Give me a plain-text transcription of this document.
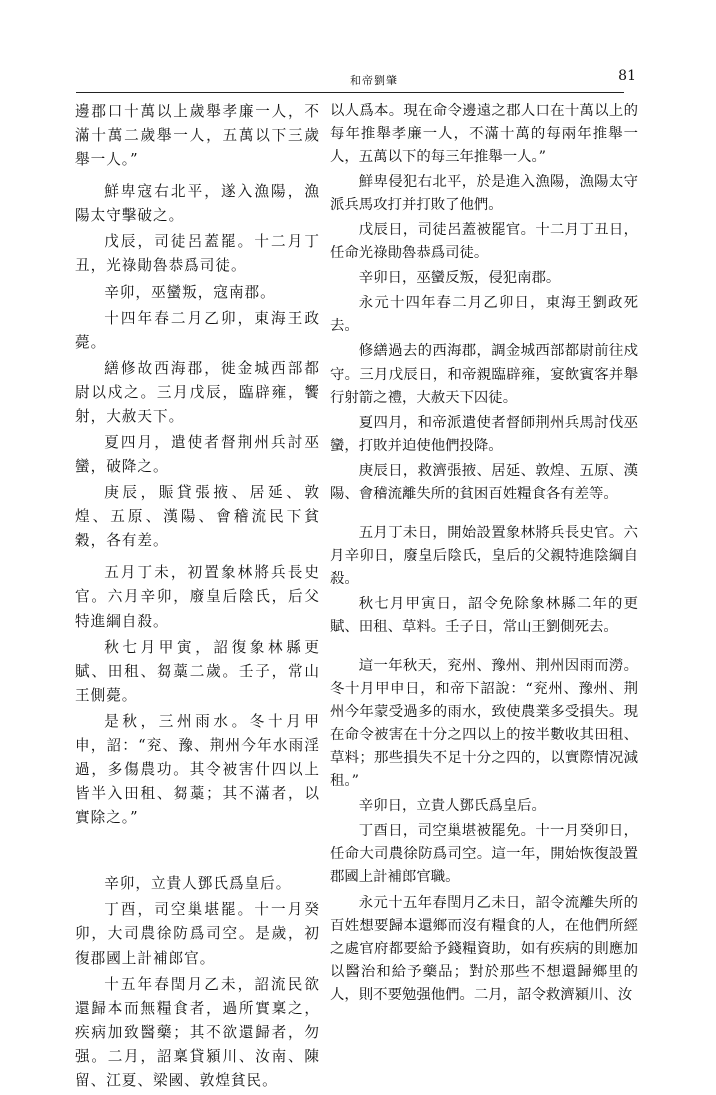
和帝劉肇	81

邊郡口十萬以上歲舉孝廉一人，不滿十萬二歲舉一人，五萬以下三歲舉一人。”

鮮卑寇右北平，遂入漁陽，漁陽太守擊破之。

戊辰，司徒呂蓋罷。十二月丁丑，光祿勛魯恭爲司徒。

辛卯，巫蠻叛，寇南郡。

十四年春二月乙卯，東海王政薨。

繕修故西海郡，徙金城西部都尉以戍之。三月戊辰，臨辟雍，饗射，大赦天下。

夏四月，遣使者督荆州兵討巫蠻，破降之。

庚辰，賑貸張掖、居延、敦煌、五原、漢陽、會稽流民下貧穀，各有差。

五月丁未，初置象林將兵長史官。六月辛卯，廢皇后陰氏，后父特進綱自殺。

秋七月甲寅，詔復象林縣更賦、田租、芻藁二歲。壬子，常山王側薨。

是秋，三州雨水。冬十月甲申，詔：“兖、豫、荆州今年水雨淫過，多傷農功。其令被害什四以上皆半入田租、芻藁；其不滿者，以實除之。”

辛卯，立貴人鄧氏爲皇后。

丁酉，司空巢堪罷。十一月癸卯，大司農徐防爲司空。是歲，初復郡國上計補郎官。

十五年春閏月乙未，詔流民欲還歸本而無糧食者，過所實稟之，疾病加致醫藥；其不欲還歸者，勿强。二月，詔稟貸潁川、汝南、陳留、江夏、梁國、敦煌貧民。

以人爲本。現在命令邊遠之郡人口在十萬以上的每年推舉孝廉一人，不滿十萬的每兩年推舉一人，五萬以下的每三年推舉一人。”

鮮卑侵犯右北平，於是進入漁陽，漁陽太守派兵馬攻打并打敗了他們。

戊辰日，司徒呂蓋被罷官。十二月丁丑日，任命光祿勛魯恭爲司徒。

辛卯日，巫蠻反叛，侵犯南郡。

永元十四年春二月乙卯日，東海王劉政死去。

修繕過去的西海郡，調金城西部都尉前往戍守。三月戊辰日，和帝親臨辟雍，宴飲賓客并舉行射箭之禮，大赦天下囚徒。

夏四月，和帝派遣使者督師荆州兵馬討伐巫蠻，打敗并迫使他們投降。

庚辰日，救濟張掖、居延、敦煌、五原、漢陽、會稽流離失所的貧困百姓糧食各有差等。

五月丁未日，開始設置象林將兵長史官。六月辛卯日，廢皇后陰氏，皇后的父親特進陰綱自殺。

秋七月甲寅日，詔令免除象林縣二年的更賦、田租、草料。壬子日，常山王劉側死去。

這一年秋天，兖州、豫州、荆州因雨而澇。冬十月甲申日，和帝下詔說：“兖州、豫州、荆州今年蒙受過多的雨水，致使農業多受損失。現在命令被害在十分之四以上的按半數收其田租、草料；那些損失不足十分之四的，以實際情况減租。”

辛卯日，立貴人鄧氏爲皇后。

丁酉日，司空巢堪被罷免。十一月癸卯日，任命大司農徐防爲司空。這一年，開始恢復設置郡國上計補郎官職。

永元十五年春閏月乙未日，詔令流離失所的百姓想要歸本還鄉而沒有糧食的人，在他們所經之處官府都要給予錢糧資助，如有疾病的則應加以醫治和給予藥品；對於那些不想還歸鄉里的人，則不要勉强他們。二月，詔令救濟潁川、汝
